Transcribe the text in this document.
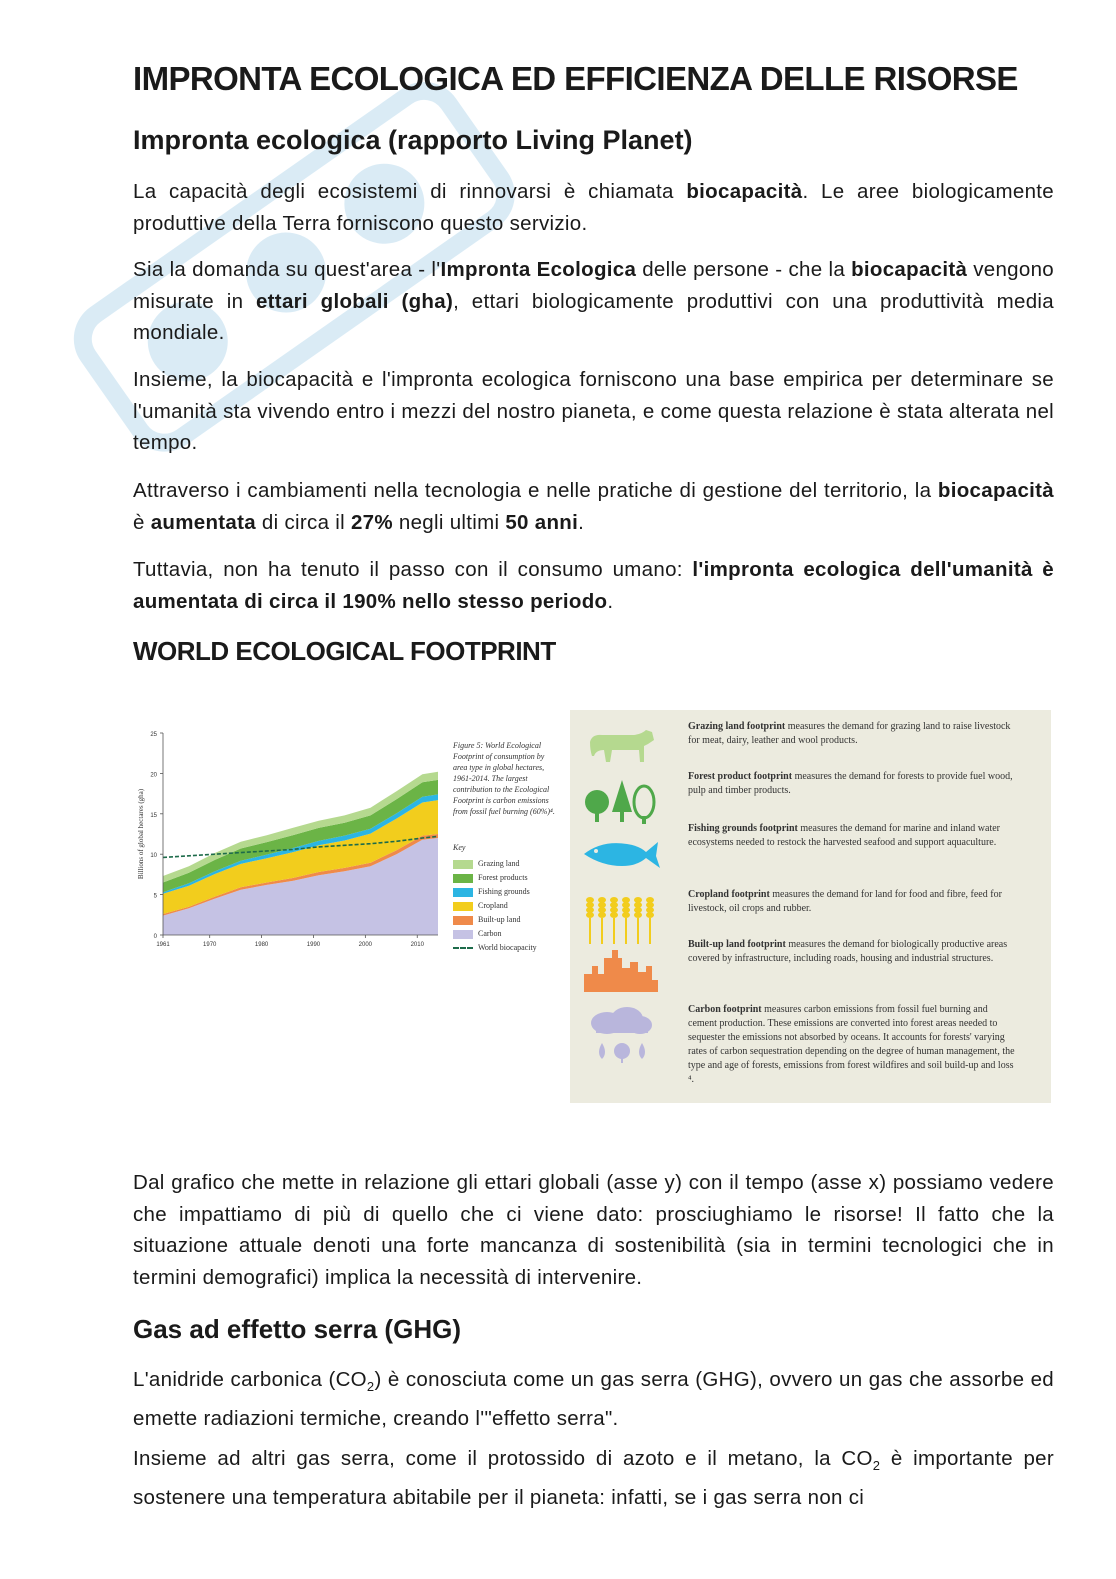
IMPRONTA ECOLOGICA ED EFFICIENZA DELLE RISORSE
Impronta ecologica (rapporto Living Planet)

La capacità degli ecosistemi di rinnovarsi è chiamata biocapacità. Le aree biologicamente produttive della Terra forniscono questo servizio.

Sia la domanda su quest'area - l'Impronta Ecologica delle persone - che la biocapacità vengono misurate in ettari globali (gha), ettari biologicamente produttivi con una produttività media mondiale.

Insieme, la biocapacità e l'impronta ecologica forniscono una base empirica per determinare se l'umanità sta vivendo entro i mezzi del nostro pianeta, e come questa relazione è stata alterata nel tempo.

Attraverso i cambiamenti nella tecnologia e nelle pratiche di gestione del territorio, la biocapacità è aumentata di circa il 27% negli ultimi 50 anni.

Tuttavia, non ha tenuto il passo con il consumo umano: l'impronta ecologica dell'umanità è aumentata di circa il 190% nello stesso periodo.

WORLD ECOLOGICAL FOOTPRINT
0
5
10
15
20
25
1961	1970	1980	1990	2000	2010
Billions of global hectares (gha)
Figure 5: World Ecological Footprint of consumption by area type in global hectares, 1961-2014. The largest contribution to the Ecological Footprint is carbon emissions from fossil fuel burning (60%)⁴.
Key
Grazing land
Forest products
Fishing grounds
Cropland
Built-up land
Carbon
World biocapacity
Grazing land footprint measures the demand for grazing land to raise livestock for meat, dairy, leather and wool products.
Forest product footprint measures the demand for forests to provide fuel wood, pulp and timber products.
Fishing grounds footprint measures the demand for marine and inland water ecosystems needed to restock the harvested seafood and support aquaculture.
Cropland footprint measures the demand for land for food and fibre, feed for livestock, oil crops and rubber.
Built-up land footprint measures the demand for biologically productive areas covered by infrastructure, including roads, housing and industrial structures.
Carbon footprint measures carbon emissions from fossil fuel burning and cement production. These emissions are converted into forest areas needed to sequester the emissions not absorbed by oceans. It accounts for forests' varying rates of carbon sequestration depending on the degree of human management, the type and age of forests, emissions from forest wildfires and soil build-up and loss ⁴.

Dal grafico che mette in relazione gli ettari globali (asse y) con il tempo (asse x) possiamo vedere che impattiamo di più di quello che ci viene dato: prosciughiamo le risorse! Il fatto che la situazione attuale denoti una forte mancanza di sostenibilità (sia in termini tecnologici che in termini demografici) implica la necessità di intervenire.

Gas ad effetto serra (GHG)

L'anidride carbonica $(CO_2)$ è conosciuta come un gas serra (GHG), ovvero un gas che assorbe ed emette radiazioni termiche, creando l'"effetto serra".

Insieme ad altri gas serra, come il protossido di azoto e il metano, la $CO_2$ è importante per sostenere una temperatura abitabile per il pianeta: infatti, se i gas serra non ci
